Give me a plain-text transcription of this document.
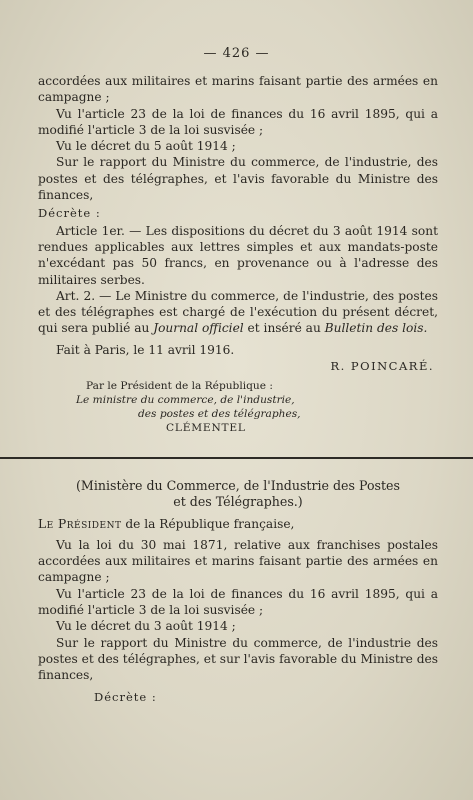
— 426 —

accordées aux militaires et marins faisant partie des armées en campagne ;

Vu l'article 23 de la loi de finances du 16 avril 1895, qui a modifié l'article 3 de la loi susvisée ;

Vu le décret du 5 août 1914 ;

Sur le rapport du Ministre du commerce, de l'industrie, des postes et des télégraphes, et l'avis favorable du Ministre des finances,

Décrète :

Article 1er. — Les dispositions du décret du 3 août 1914 sont rendues applicables aux lettres simples et aux mandats-poste n'excédant pas 50 francs, en provenance ou à l'adresse des militaires serbes.

Art. 2. — Le Ministre du commerce, de l'industrie, des postes et des télégraphes est chargé de l'exécution du présent décret, qui sera publié au Journal officiel et inséré au Bulletin des lois.

Fait à Paris, le 11 avril 1916.

R. POINCARÉ.

Par le Président de la République :

Le ministre du commerce, de l'industrie,

des postes et des télégraphes,

CLÉMENTEL

(Ministère du Commerce, de l'Industrie des Postes

et des Télégraphes.)

Le Président de la République française,

Vu la loi du 30 mai 1871, relative aux franchises postales accordées aux militaires et marins faisant partie des armées en campagne ;

Vu l'article 23 de la loi de finances du 16 avril 1895, qui a modifié l'article 3 de la loi susvisée ;

Vu le décret du 3 août 1914 ;

Sur le rapport du Ministre du commerce, de l'industrie des postes et des télégraphes, et sur l'avis favorable du Ministre des finances,

Décrète :
